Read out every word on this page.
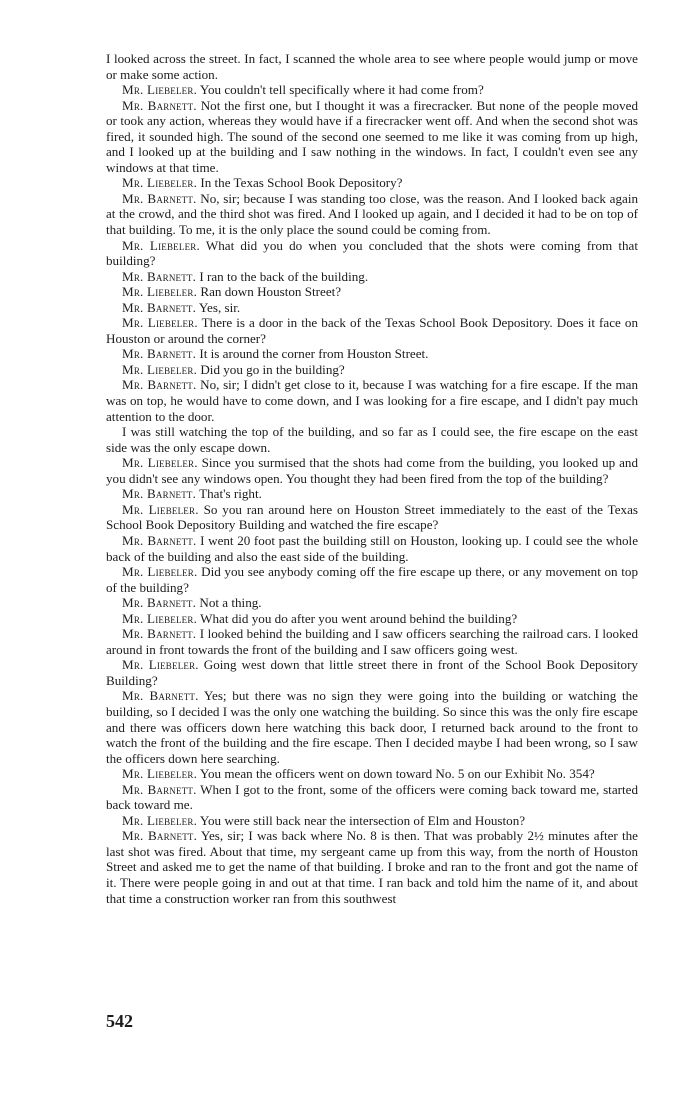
I looked across the street. In fact, I scanned the whole area to see where people would jump or move or make some action.

Mr. Liebeler. You couldn't tell specifically where it had come from?

Mr. Barnett. Not the first one, but I thought it was a firecracker. But none of the people moved or took any action, whereas they would have if a firecracker went off. And when the second shot was fired, it sounded high. The sound of the second one seemed to me like it was coming from up high, and I looked up at the building and I saw nothing in the windows. In fact, I couldn't even see any windows at that time.

Mr. Liebeler. In the Texas School Book Depository?

Mr. Barnett. No, sir; because I was standing too close, was the reason. And I looked back again at the crowd, and the third shot was fired. And I looked up again, and I decided it had to be on top of that building. To me, it is the only place the sound could be coming from.

Mr. Liebeler. What did you do when you concluded that the shots were coming from that building?

Mr. Barnett. I ran to the back of the building.

Mr. Liebeler. Ran down Houston Street?

Mr. Barnett. Yes, sir.

Mr. Liebeler. There is a door in the back of the Texas School Book Depository. Does it face on Houston or around the corner?

Mr. Barnett. It is around the corner from Houston Street.

Mr. Liebeler. Did you go in the building?

Mr. Barnett. No, sir; I didn't get close to it, because I was watching for a fire escape. If the man was on top, he would have to come down, and I was looking for a fire escape, and I didn't pay much attention to the door.

I was still watching the top of the building, and so far as I could see, the fire escape on the east side was the only escape down.

Mr. Liebeler. Since you surmised that the shots had come from the building, you looked up and you didn't see any windows open. You thought they had been fired from the top of the building?

Mr. Barnett. That's right.

Mr. Liebeler. So you ran around here on Houston Street immediately to the east of the Texas School Book Depository Building and watched the fire escape?

Mr. Barnett. I went 20 foot past the building still on Houston, looking up. I could see the whole back of the building and also the east side of the building.

Mr. Liebeler. Did you see anybody coming off the fire escape up there, or any movement on top of the building?

Mr. Barnett. Not a thing.

Mr. Liebeler. What did you do after you went around behind the building?

Mr. Barnett. I looked behind the building and I saw officers searching the railroad cars. I looked around in front towards the front of the building and I saw officers going west.

Mr. Liebeler. Going west down that little street there in front of the School Book Depository Building?

Mr. Barnett. Yes; but there was no sign they were going into the building or watching the building, so I decided I was the only one watching the building. So since this was the only fire escape and there was officers down here watching this back door, I returned back around to the front to watch the front of the building and the fire escape. Then I decided maybe I had been wrong, so I saw the officers down here searching.

Mr. Liebeler. You mean the officers went on down toward No. 5 on our Exhibit No. 354?

Mr. Barnett. When I got to the front, some of the officers were coming back toward me, started back toward me.

Mr. Liebeler. You were still back near the intersection of Elm and Houston?

Mr. Barnett. Yes, sir; I was back where No. 8 is then. That was probably 2½ minutes after the last shot was fired. About that time, my sergeant came up from this way, from the north of Houston Street and asked me to get the name of that building. I broke and ran to the front and got the name of it. There were people going in and out at that time. I ran back and told him the name of it, and about that time a construction worker ran from this southwest

542
